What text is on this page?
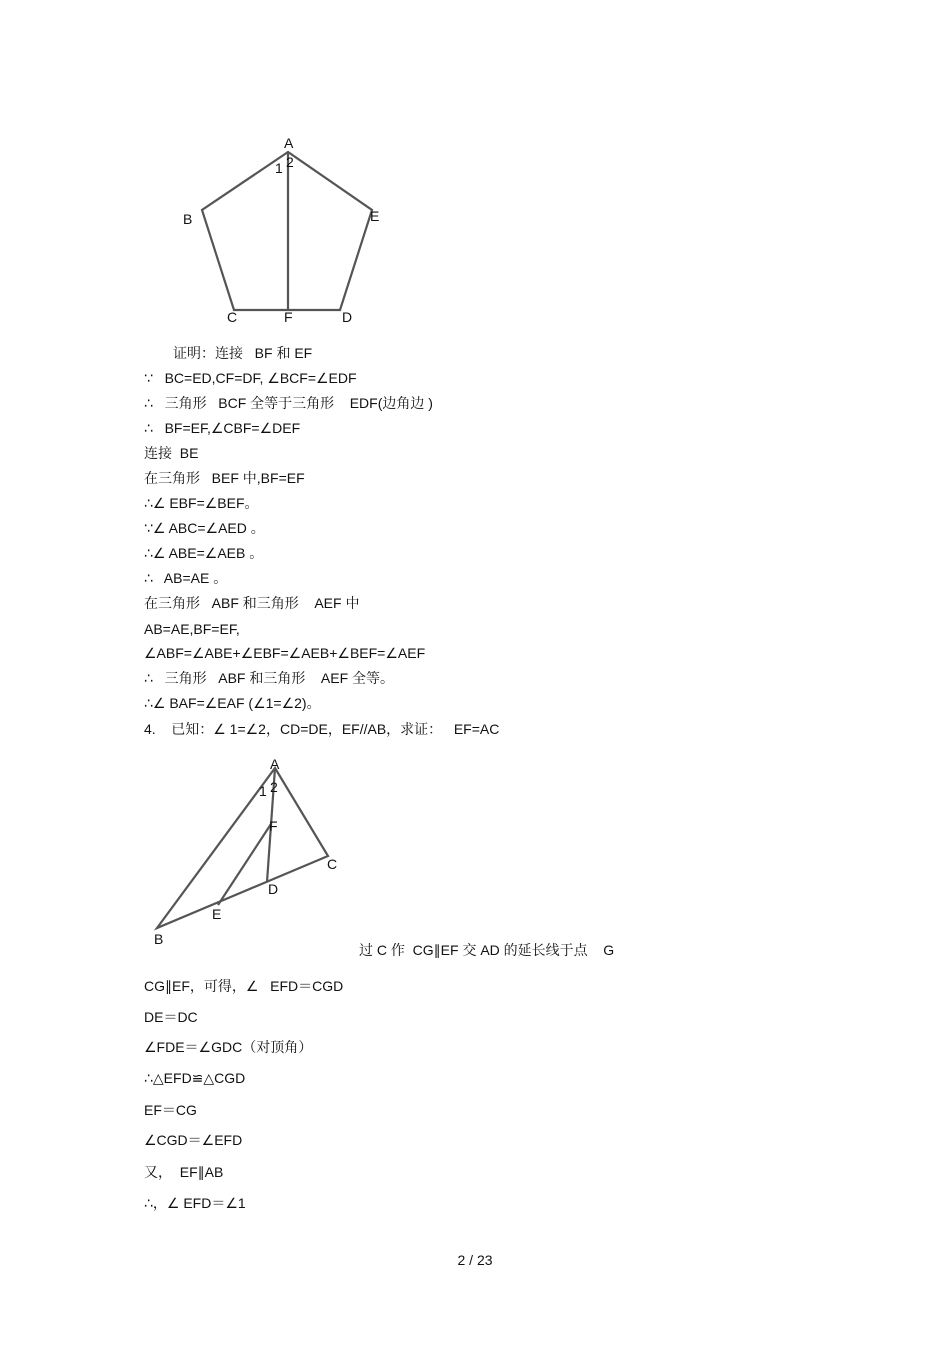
A
1 2
B	E
C	F	D
证明：连接   BF 和 EF
∵   BC=ED,CF=DF, ∠BCF=∠EDF
∴   三角形   BCF 全等于三角形    EDF(边角边 )
∴   BF=EF,∠CBF=∠DEF
连接  BE
在三角形   BEF 中,BF=EF
∴∠ EBF=∠BEF。
∵∠ ABC=∠AED 。
∴∠ ABE=∠AEB 。
∴   AB=AE 。
在三角形   ABF 和三角形    AEF 中
AB=AE,BF=EF,
∠ABF=∠ABE+∠EBF=∠AEB+∠BEF=∠AEF
∴   三角形   ABF 和三角形    AEF 全等。
∴∠ BAF=∠EAF (∠1=∠2)。
4.    已知：∠ 1=∠2，CD=DE，EF//AB，求证：   EF=AC
A
1 2
F
C
D
E
B
过 C 作  CG∥EF 交 AD 的延长线于点    G
CG∥EF，可得，∠   EFD＝CGD
DE＝DC
∠FDE＝∠GDC（对顶角）
∴△EFD≌△CGD
EF＝CG
∠CGD＝∠EFD
又，  EF∥AB
∴，∠ EFD＝∠1
2 / 23
